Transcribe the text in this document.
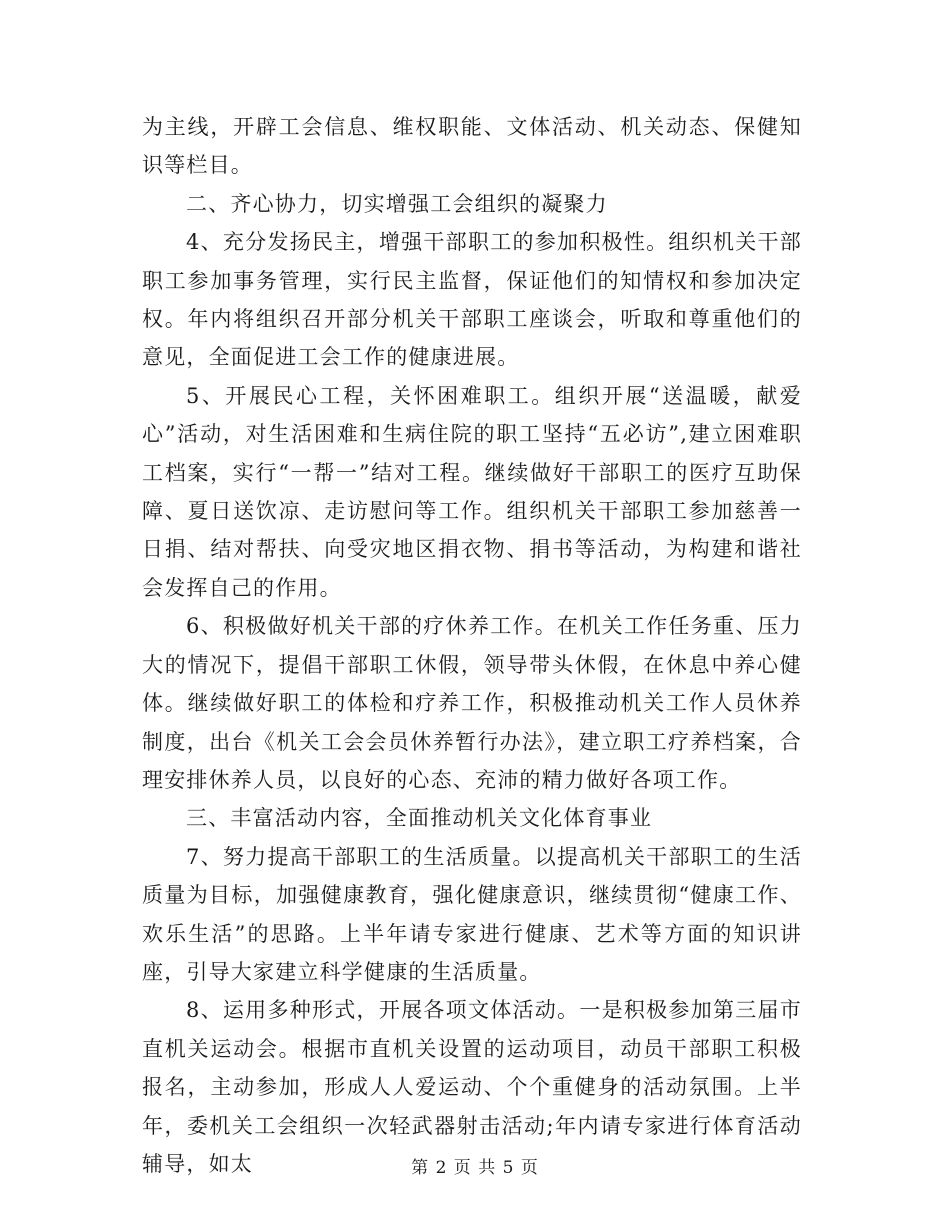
为主线，开辟工会信息、维权职能、文体活动、机关动态、保健知识等栏目。

二、齐心协力，切实增强工会组织的凝聚力

4、充分发扬民主，增强干部职工的参加积极性。组织机关干部职工参加事务管理，实行民主监督，保证他们的知情权和参加决定权。年内将组织召开部分机关干部职工座谈会，听取和尊重他们的意见，全面促进工会工作的健康进展。

5、开展民心工程，关怀困难职工。组织开展“送温暖，献爱心”活动，对生活困难和生病住院的职工坚持“五必访”,建立困难职工档案，实行“一帮一”结对工程。继续做好干部职工的医疗互助保障、夏日送饮凉、走访慰问等工作。组织机关干部职工参加慈善一日捐、结对帮扶、向受灾地区捐衣物、捐书等活动，为构建和谐社会发挥自己的作用。

6、积极做好机关干部的疗休养工作。在机关工作任务重、压力大的情况下，提倡干部职工休假，领导带头休假，在休息中养心健体。继续做好职工的体检和疗养工作，积极推动机关工作人员休养制度，出台《机关工会会员休养暂行办法》，建立职工疗养档案，合理安排休养人员，以良好的心态、充沛的精力做好各项工作。

三、丰富活动内容，全面推动机关文化体育事业

7、努力提高干部职工的生活质量。以提高机关干部职工的生活质量为目标，加强健康教育，强化健康意识，继续贯彻“健康工作、欢乐生活”的思路。上半年请专家进行健康、艺术等方面的知识讲座，引导大家建立科学健康的生活质量。

8、运用多种形式，开展各项文体活动。一是积极参加第三届市直机关运动会。根据市直机关设置的运动项目，动员干部职工积极报名，主动参加，形成人人爱运动、个个重健身的活动氛围。上半年，委机关工会组织一次轻武器射击活动;年内请专家进行体育活动辅导，如太	第 2 页 共 5 页
